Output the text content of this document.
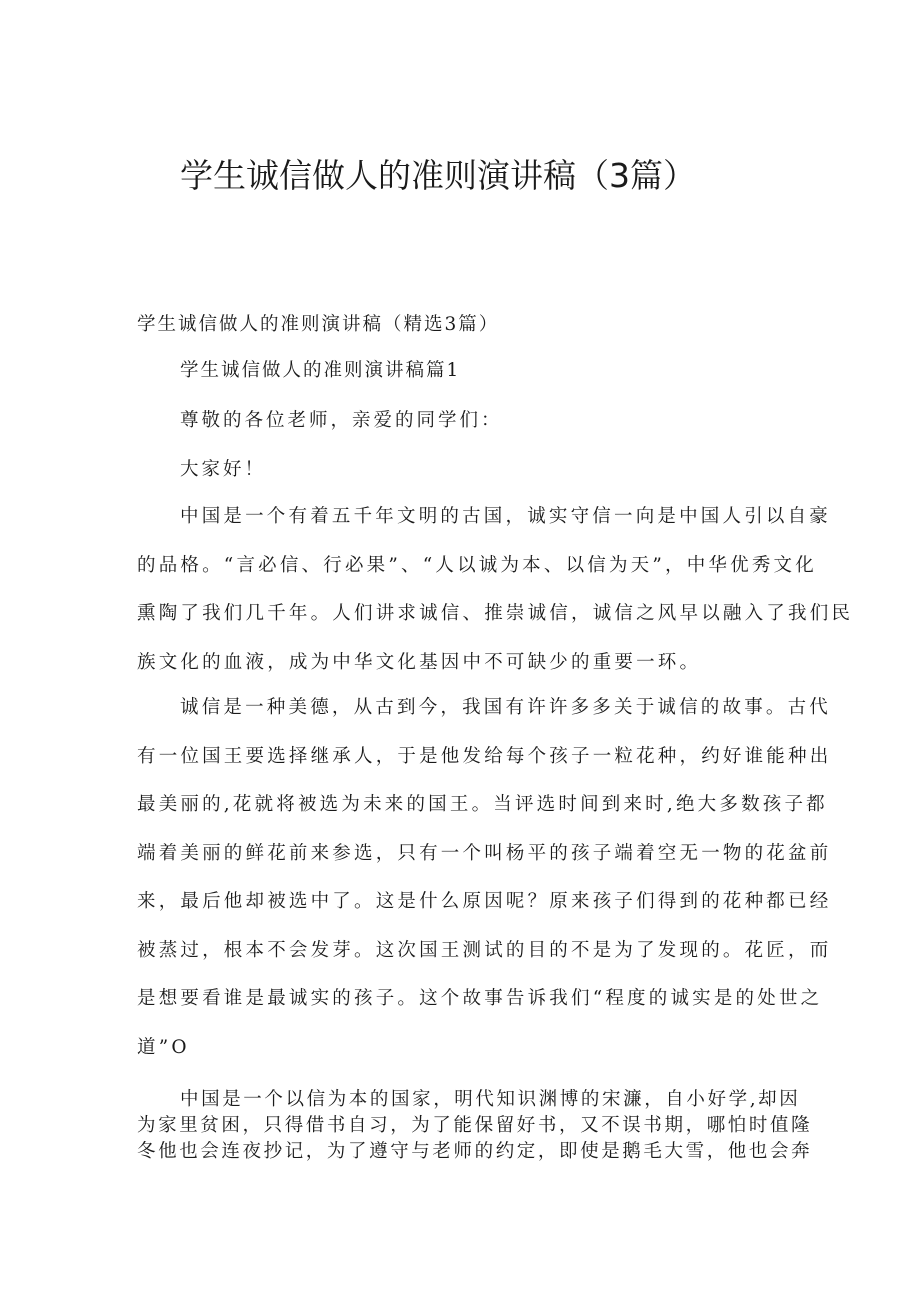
学生诚信做人的准则演讲稿（3篇）

学生诚信做人的准则演讲稿（精选3篇）

学生诚信做人的准则演讲稿篇1

尊敬的各位老师，亲爱的同学们：

大家好！

中国是一个有着五千年文明的古国，诚实守信一向是中国人引以自豪
的品格。“言必信、行必果”、“人以诚为本、以信为天”，中华优秀文化
熏陶了我们几千年。人们讲求诚信、推崇诚信，诚信之风早以融入了我们民
族文化的血液，成为中华文化基因中不可缺少的重要一环。
诚信是一种美德，从古到今，我国有许许多多关于诚信的故事。古代
有一位国王要选择继承人，于是他发给每个孩子一粒花种，约好谁能种出
最美丽的,花就将被选为未来的国王。当评选时间到来时,绝大多数孩子都
端着美丽的鲜花前来参选，只有一个叫杨平的孩子端着空无一物的花盆前
来，最后他却被选中了。这是什么原因呢？原来孩子们得到的花种都已经
被蒸过，根本不会发芽。这次国王测试的目的不是为了发现的。花匠，而
是想要看谁是最诚实的孩子。这个故事告诉我们“程度的诚实是的处世之
道”O
中国是一个以信为本的国家，明代知识渊博的宋濂，自小好学,却因
为家里贫困，只得借书自习，为了能保留好书，又不误书期，哪怕时值隆
冬他也会连夜抄记，为了遵守与老师的约定，即使是鹅毛大雪，他也会奔
